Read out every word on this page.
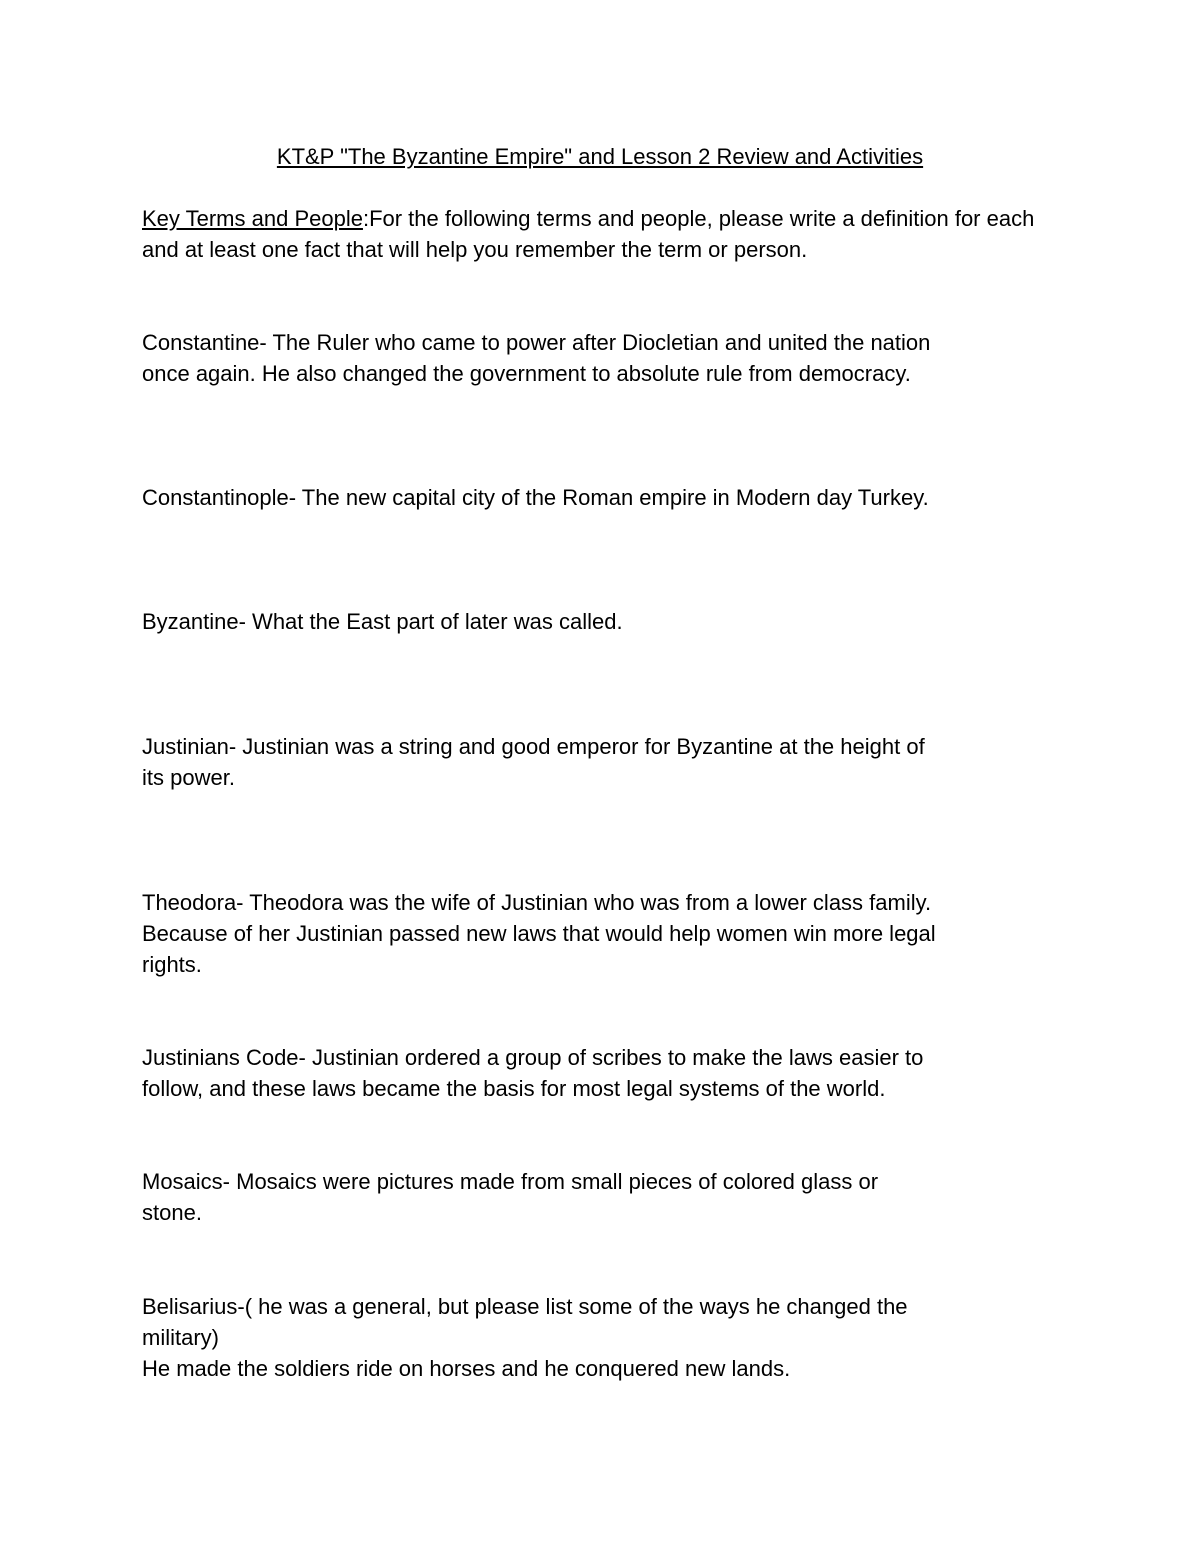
KT&P "The Byzantine Empire" and Lesson 2 Review and Activities

Key Terms and People:For the following terms and people, please write a definition for each and at least one fact that will help you remember the term or person.

Constantine- The Ruler who came to power after Diocletian and united the nation
once again. He also changed the government to absolute rule from democracy.
Constantinople- The new capital city of the Roman empire in Modern day Turkey.
Byzantine- What the East part of later was called.
Justinian- Justinian was a string and good emperor for Byzantine at the height of
its power.
Theodora- Theodora was the wife of Justinian who was from a lower class family.
Because of her Justinian passed new laws that would help women win more legal
rights.
Justinians Code- Justinian ordered a group of scribes to make the laws easier to
follow, and these laws became the basis for most legal systems of the world.
Mosaics- Mosaics were pictures made from small pieces of colored glass or
stone.
Belisarius-( he was a general, but please list some of the ways he changed the
military)
He made the soldiers ride on horses and he conquered new lands.
